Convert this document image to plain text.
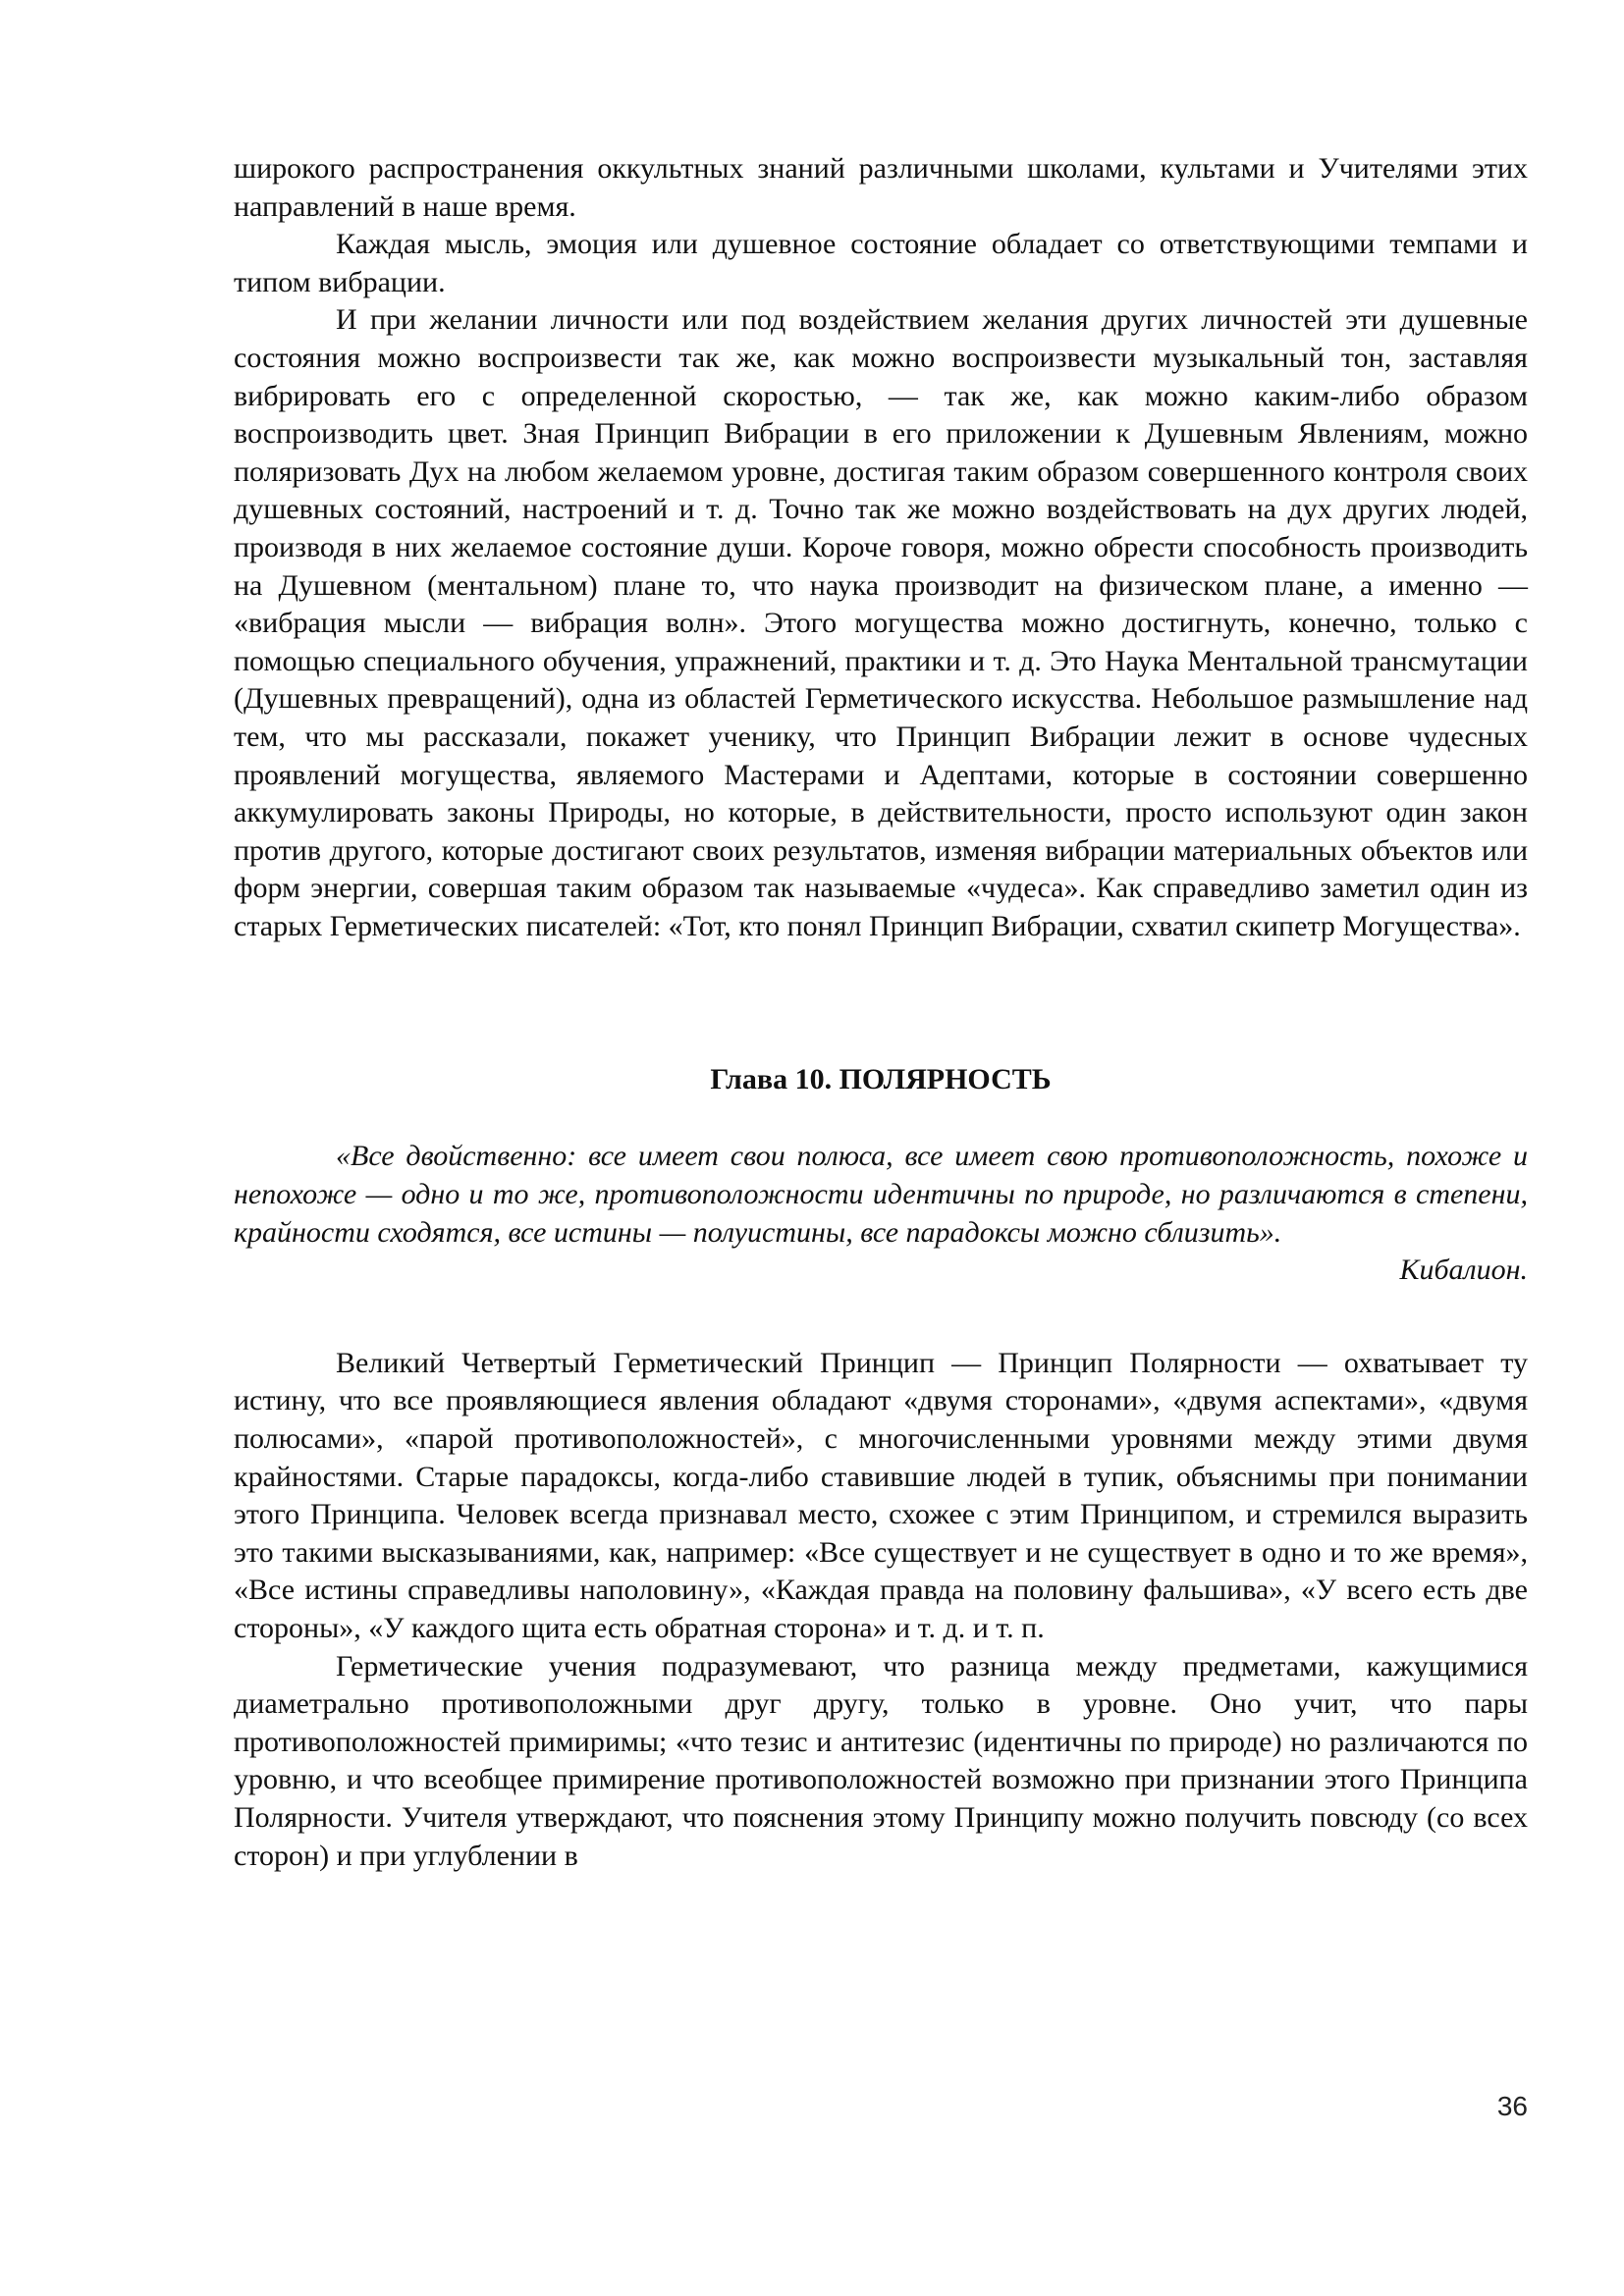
широкого распространения оккультных знаний различными школами, культами и Учителями этих направлений в наше время.

Каждая мысль, эмоция или душевное состояние обладает со ответствующими темпами и типом вибрации.

И при желании личности или под воздействием желания других личностей эти душевные состояния можно воспроизвести так же, как можно воспроизвести музыкальный тон, заставляя вибрировать его с определенной скоростью, — так же, как можно каким-либо образом воспроизводить цвет. Зная Принцип Вибрации в его приложении к Душевным Явлениям, можно поляризовать Дух на любом желаемом уровне, достигая таким образом совершенного контроля своих душевных состояний, настроений и т. д. Точно так же можно воздействовать на дух других людей, производя в них желаемое состояние души. Короче говоря, можно обрести способность производить на Душевном (ментальном) плане то, что наука производит на физическом плане, а именно — «вибрация мысли — вибрация волн». Этого могущества можно достигнуть, конечно, только с помощью специального обучения, упражнений, практики и т. д. Это Наука Ментальной трансмутации (Душевных превращений), одна из областей Герметического искусства. Небольшое размышление над тем, что мы рассказали, покажет ученику, что Принцип Вибрации лежит в основе чудесных проявлений могущества, являемого Мастерами и Адептами, которые в состоянии совершенно аккумулировать законы Природы, но которые, в действительности, просто используют один закон против другого, которые достигают своих результатов, изменяя вибрации материальных объектов или форм энергии, совершая таким образом так называемые «чудеса». Как справедливо заметил один из старых Герметических писателей: «Тот, кто понял Принцип Вибрации, схватил скипетр Могущества».

Глава 10. ПОЛЯРНОСТЬ

«Все двойственно: все имеет свои полюса, все имеет свою противоположность, похоже и непохоже — одно и то же, противоположности идентичны по природе, но различаются в степени, крайности сходятся, все истины — полуистины, все парадоксы можно сблизить».

Кибалион.

Великий Четвертый Герметический Принцип — Принцип Полярности — охватывает ту истину, что все проявляющиеся явления обладают «двумя сторонами», «двумя аспектами», «двумя полюсами», «парой противоположностей», с многочисленными уровнями между этими двумя крайностями. Старые парадоксы, когда-либо ставившие людей в тупик, объяснимы при понимании этого Принципа. Человек всегда признавал место, схожее с этим Принципом, и стремился выразить это такими высказываниями, как, например: «Все существует и не существует в одно и то же время», «Все истины справедливы наполовину», «Каждая правда на половину фальшива», «У всего есть две стороны», «У каждого щита есть обратная сторона» и т. д. и т. п.

Герметические учения подразумевают, что разница между предметами, кажущимися диаметрально противоположными друг другу, только в уровне. Оно учит, что пары противоположностей примиримы; «что тезис и антитезис (идентичны по природе) но различаются по уровню, и что всеобщее примирение противоположностей возможно при признании этого Принципа Полярности. Учителя утверждают, что пояснения этому Принципу можно получить повсюду (со всех сторон) и при углублении в

36
